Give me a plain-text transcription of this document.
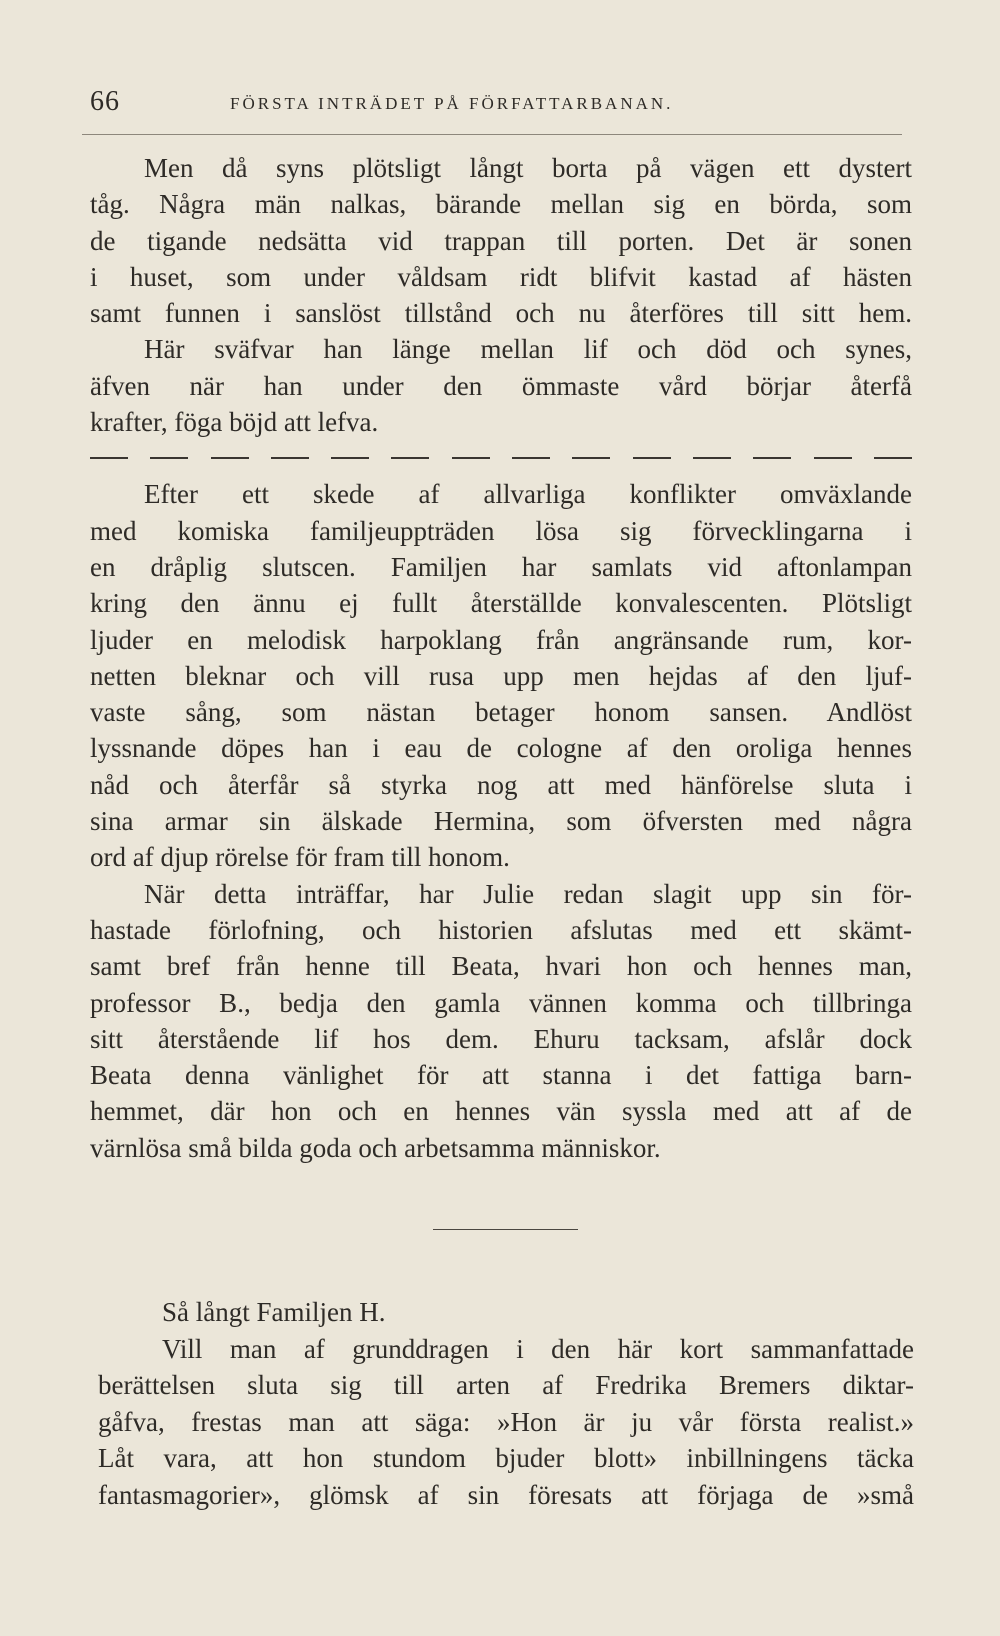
66	FÖRSTA INTRÄDET PÅ FÖRFATTARBANAN.
Men då syns plötsligt långt borta på vägen ett dystert
tåg. Några män nalkas, bärande mellan sig en börda, som
de tigande nedsätta vid trappan till porten. Det är sonen
i huset, som under våldsam ridt blifvit kastad af hästen
samt funnen i sanslöst tillstånd och nu återföres till sitt hem.
Här sväfvar han länge mellan lif och död och synes,
äfven när han under den ömmaste vård börjar återfå
krafter, föga böjd att lefva.
Efter ett skede af allvarliga konflikter omväxlande
med komiska familjeuppträden lösa sig förvecklingarna i
en dråplig slutscen. Familjen har samlats vid aftonlampan
kring den ännu ej fullt återställde konvalescenten. Plötsligt
ljuder en melodisk harpoklang från angränsande rum, kor-
netten bleknar och vill rusa upp men hejdas af den ljuf-
vaste sång, som nästan betager honom sansen. Andlöst
lyssnande döpes han i eau de cologne af den oroliga hennes
nåd och återfår så styrka nog att med hänförelse sluta i
sina armar sin älskade Hermina, som öfversten med några
ord af djup rörelse för fram till honom.
När detta inträffar, har Julie redan slagit upp sin för-
hastade förlofning, och historien afslutas med ett skämt-
samt bref från henne till Beata, hvari hon och hennes man,
professor B., bedja den gamla vännen komma och tillbringa
sitt återstående lif hos dem. Ehuru tacksam, afslår dock
Beata denna vänlighet för att stanna i det fattiga barn-
hemmet, där hon och en hennes vän syssla med att af de
värnlösa små bilda goda och arbetsamma människor.
Så långt Familjen H.
Vill man af grunddragen i den här kort sammanfattade
berättelsen sluta sig till arten af Fredrika Bremers diktar-
gåfva, frestas man att säga: »Hon är ju vår första realist.»
Låt vara, att hon stundom bjuder blott» inbillningens täcka
fantasmagorier», glömsk af sin föresats att förjaga de »små
